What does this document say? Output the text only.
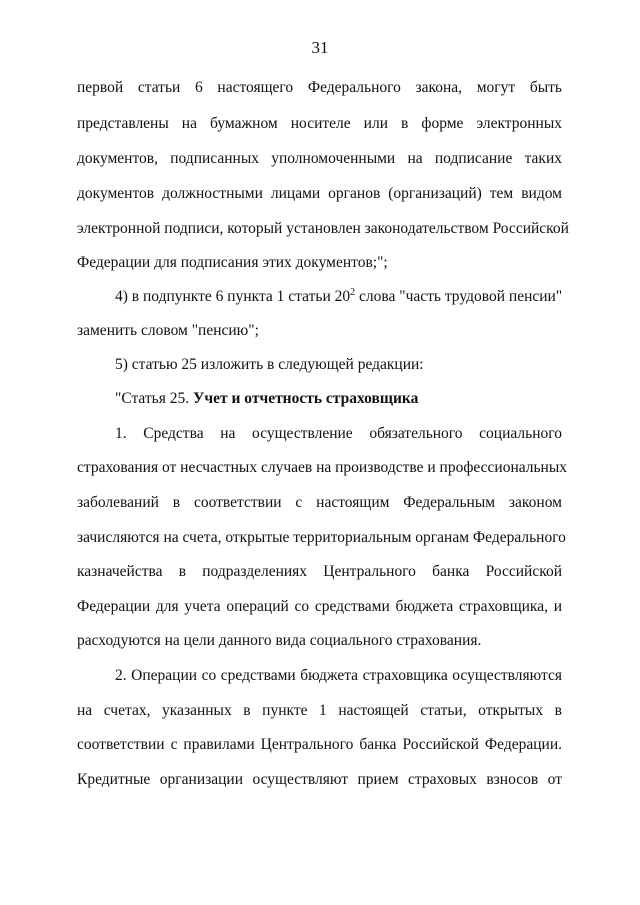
31
первой статьи 6 настоящего Федерального закона, могут быть
представлены на бумажном носителе или в форме электронных
документов, подписанных уполномоченными на подписание таких
документов должностными лицами органов (организаций) тем видом
электронной подписи, который установлен законодательством Российской
Федерации для подписания этих документов;";
4) в подпункте 6 пункта 1 статьи $20^2$ слова "часть трудовой пенсии"
заменить словом "пенсию";
5) статью 25 изложить в следующей редакции:
"Статья 25. Учет и отчетность страховщика
1. Средства на осуществление обязательного социального
страхования от несчастных случаев на производстве и профессиональных
заболеваний в соответствии с настоящим Федеральным законом
зачисляются на счета, открытые территориальным органам Федерального
казначейства в подразделениях Центрального банка Российской
Федерации для учета операций со средствами бюджета страховщика, и
расходуются на цели данного вида социального страхования.
2. Операции со средствами бюджета страховщика осуществляются
на счетах, указанных в пункте 1 настоящей статьи, открытых в
соответствии с правилами Центрального банка Российской Федерации.
Кредитные организации осуществляют прием страховых взносов от
